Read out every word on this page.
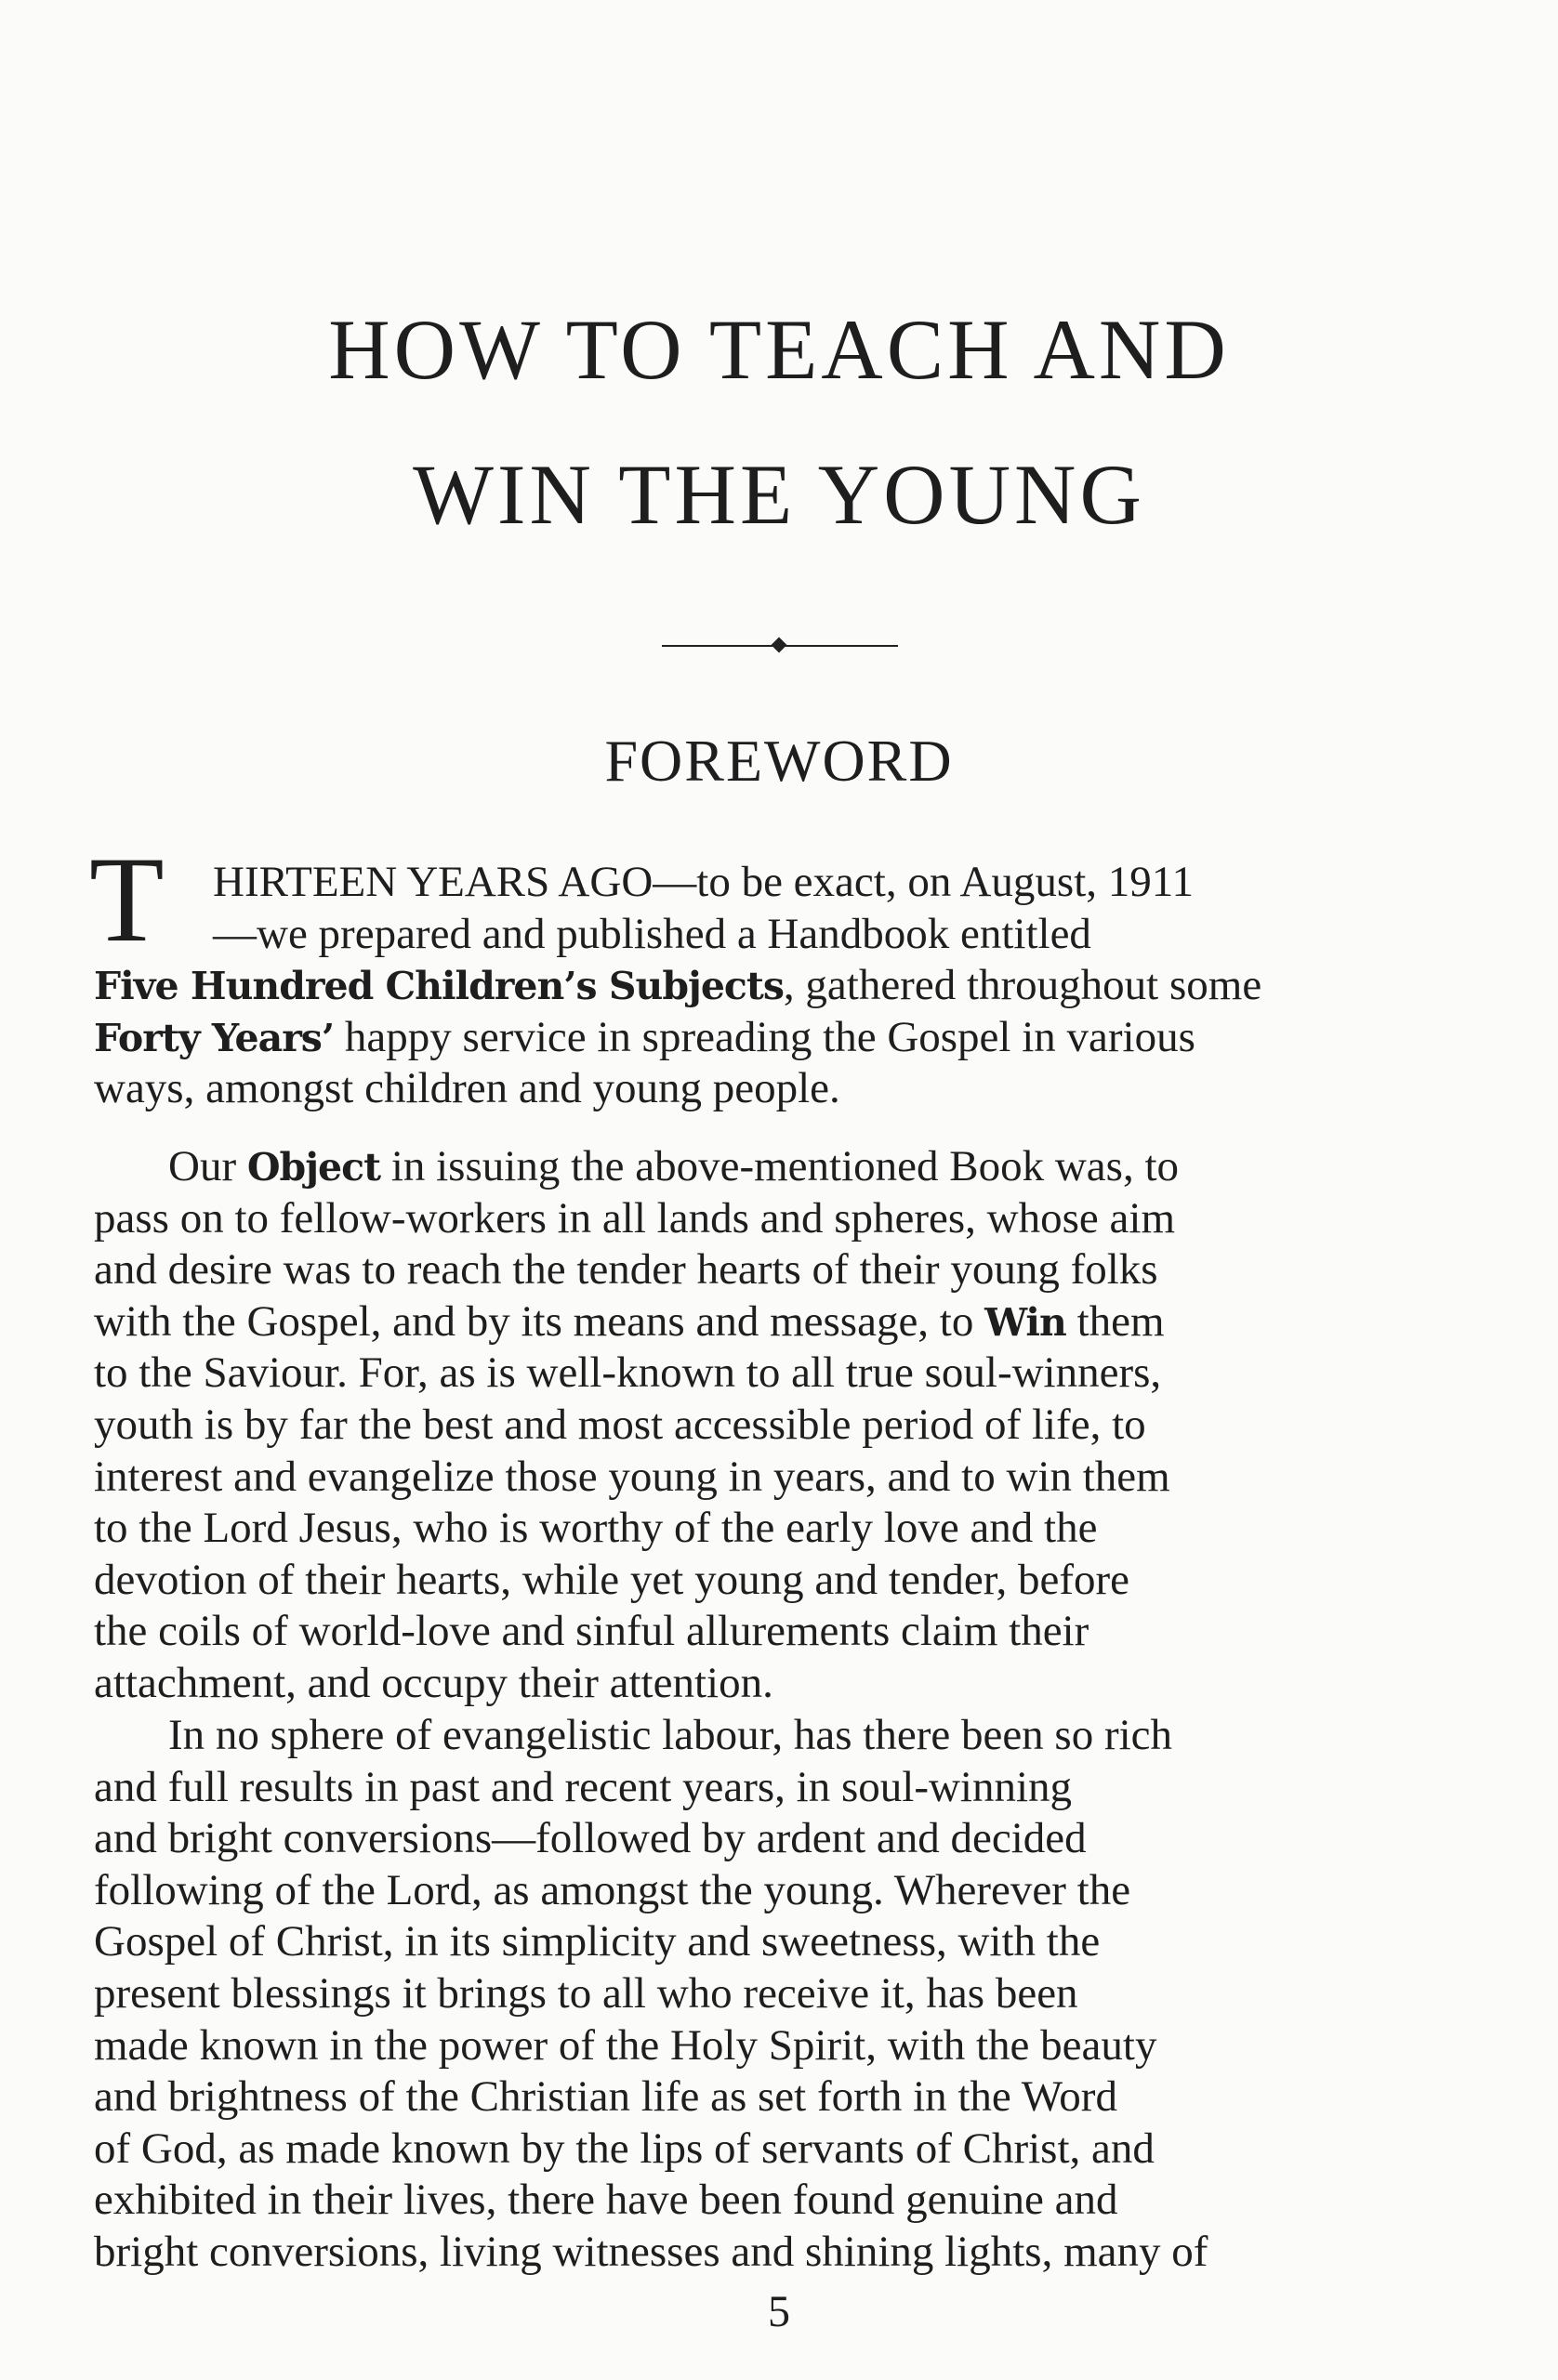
HOW TO TEACH AND
WIN THE YOUNG
FOREWORD
T	HIRTEEN YEARS AGO—to be exact, on August, 1911
—we prepared and published a Handbook entitled
Five Hundred Children’s Subjects, gathered throughout some
Forty Years’ happy service in spreading the Gospel in various
ways, amongst children and young people.
Our Object in issuing the above-mentioned Book was, to
pass on to fellow-workers in all lands and spheres, whose aim
and desire was to reach the tender hearts of their young folks
with the Gospel, and by its means and message, to Win them
to the Saviour. For, as is well-known to all true soul-winners,
youth is by far the best and most accessible period of life, to
interest and evangelize those young in years, and to win them
to the Lord Jesus, who is worthy of the early love and the
devotion of their hearts, while yet young and tender, before
the coils of world-love and sinful allurements claim their
attachment, and occupy their attention.
In no sphere of evangelistic labour, has there been so rich
and full results in past and recent years, in soul-winning
and bright conversions—followed by ardent and decided
following of the Lord, as amongst the young. Wherever the
Gospel of Christ, in its simplicity and sweetness, with the
present blessings it brings to all who receive it, has been
made known in the power of the Holy Spirit, with the beauty
and brightness of the Christian life as set forth in the Word
of God, as made known by the lips of servants of Christ, and
exhibited in their lives, there have been found genuine and
bright conversions, living witnesses and shining lights, many of
5
